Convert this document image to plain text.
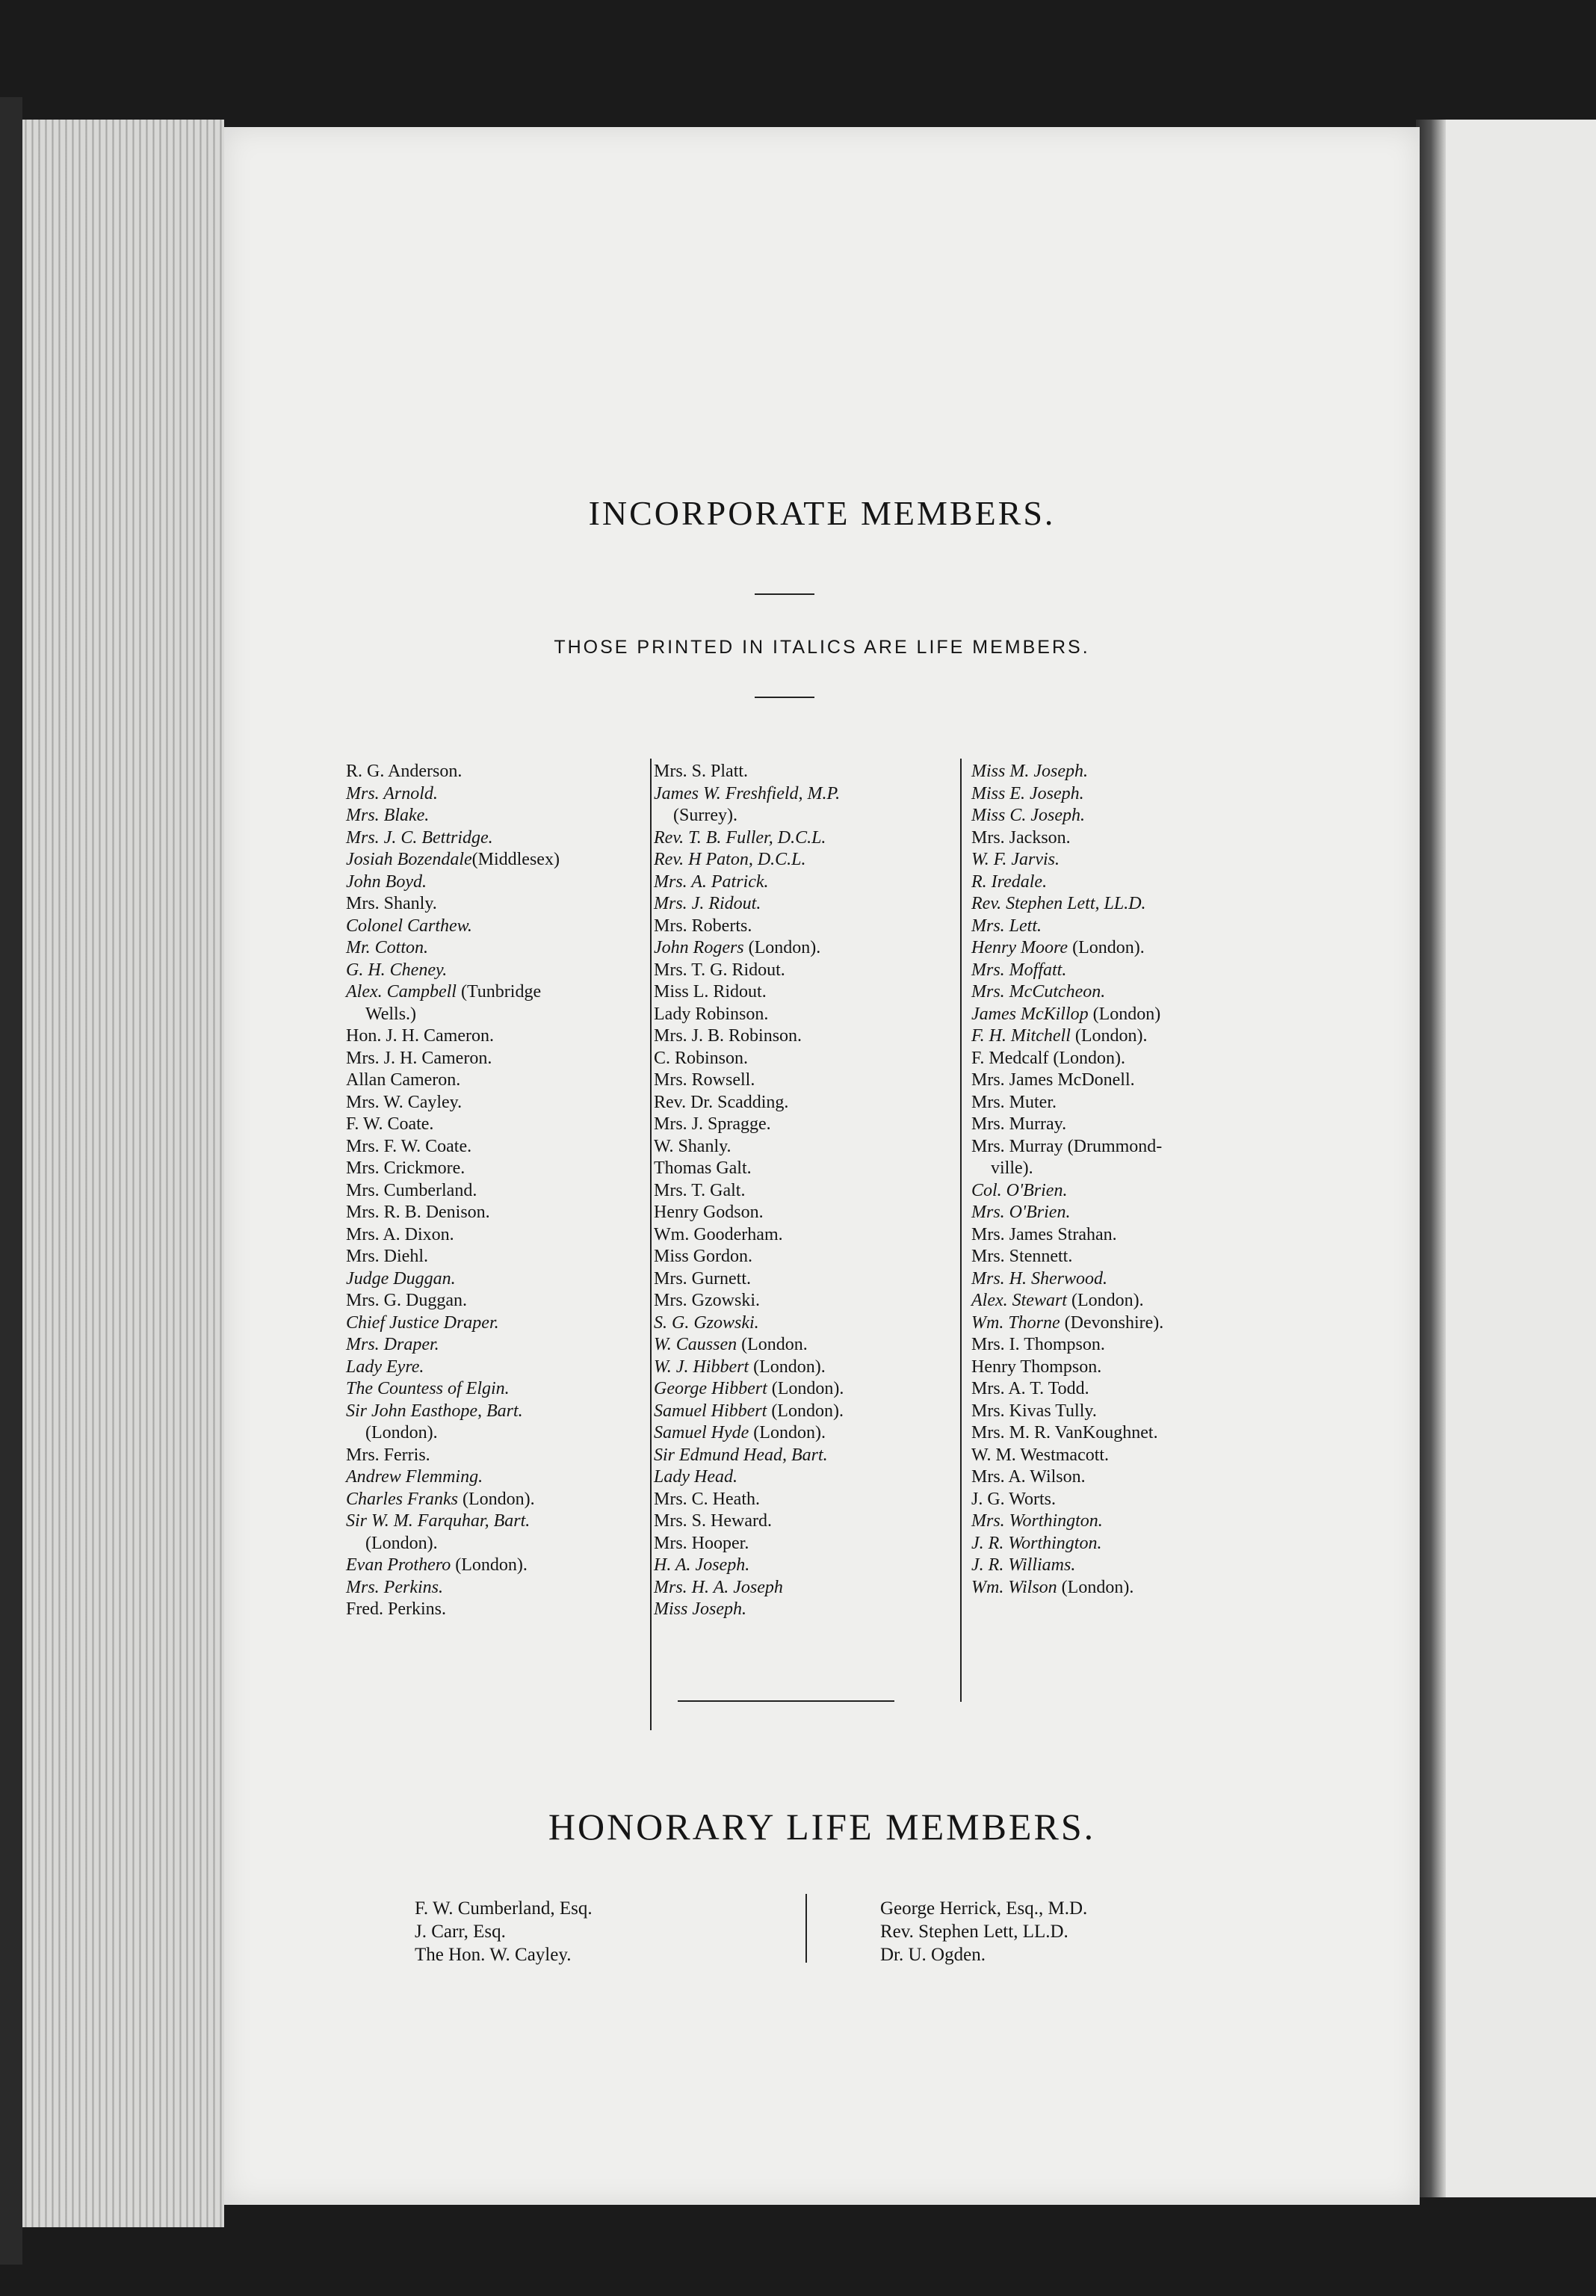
INCORPORATE MEMBERS.
THOSE PRINTED IN ITALICS ARE LIFE MEMBERS.
R. G. Anderson.
Mrs. Arnold.
Mrs. Blake.
Mrs. J. C. Bettridge.
Josiah Bozendale(Middlesex)
John Boyd.
Mrs. Shanly.
Colonel Carthew.
Mr. Cotton.
G. H. Cheney.
Alex. Campbell (Tunbridge
Wells.)
Hon. J. H. Cameron.
Mrs. J. H. Cameron.
Allan Cameron.
Mrs. W. Cayley.
F. W. Coate.
Mrs. F. W. Coate.
Mrs. Crickmore.
Mrs. Cumberland.
Mrs. R. B. Denison.
Mrs. A. Dixon.
Mrs. Diehl.
Judge Duggan.
Mrs. G. Duggan.
Chief Justice Draper.
Mrs. Draper.
Lady Eyre.
The Countess of Elgin.
Sir John Easthope, Bart.
(London).
Mrs. Ferris.
Andrew Flemming.
Charles Franks (London).
Sir W. M. Farquhar, Bart.
(London).
Evan Prothero (London).
Mrs. Perkins.
Fred. Perkins.
Mrs. S. Platt.
James W. Freshfield, M.P.
(Surrey).
Rev. T. B. Fuller, D.C.L.
Rev. H Paton, D.C.L.
Mrs. A. Patrick.
Mrs. J. Ridout.
Mrs. Roberts.
John Rogers (London).
Mrs. T. G. Ridout.
Miss L. Ridout.
Lady Robinson.
Mrs. J. B. Robinson.
C. Robinson.
Mrs. Rowsell.
Rev. Dr. Scadding.
Mrs. J. Spragge.
W. Shanly.
Thomas Galt.
Mrs. T. Galt.
Henry Godson.
Wm. Gooderham.
Miss Gordon.
Mrs. Gurnett.
Mrs. Gzowski.
S. G. Gzowski.
W. Caussen (London.
W. J. Hibbert (London).
George Hibbert (London).
Samuel Hibbert (London).
Samuel Hyde (London).
Sir Edmund Head, Bart.
Lady Head.
Mrs. C. Heath.
Mrs. S. Heward.
Mrs. Hooper.
H. A. Joseph.
Mrs. H. A. Joseph
Miss Joseph.
Miss M. Joseph.
Miss E. Joseph.
Miss C. Joseph.
Mrs. Jackson.
W. F. Jarvis.
R. Iredale.
Rev. Stephen Lett, LL.D.
Mrs. Lett.
Henry Moore (London).
Mrs. Moffatt.
Mrs. McCutcheon.
James McKillop (London)
F. H. Mitchell (London).
F. Medcalf (London).
Mrs. James McDonell.
Mrs. Muter.
Mrs. Murray.
Mrs. Murray (Drummond-
ville).
Col. O'Brien.
Mrs. O'Brien.
Mrs. James Strahan.
Mrs. Stennett.
Mrs. H. Sherwood.
Alex. Stewart (London).
Wm. Thorne (Devonshire).
Mrs. I. Thompson.
Henry Thompson.
Mrs. A. T. Todd.
Mrs. Kivas Tully.
Mrs. M. R. VanKoughnet.
W. M. Westmacott.
Mrs. A. Wilson.
J. G. Worts.
Mrs. Worthington.
J. R. Worthington.
J. R. Williams.
Wm. Wilson (London).
HONORARY LIFE MEMBERS.
F. W. Cumberland, Esq.
J. Carr, Esq.
The Hon. W. Cayley.
George Herrick, Esq., M.D.
Rev. Stephen Lett, LL.D.
Dr. U. Ogden.
